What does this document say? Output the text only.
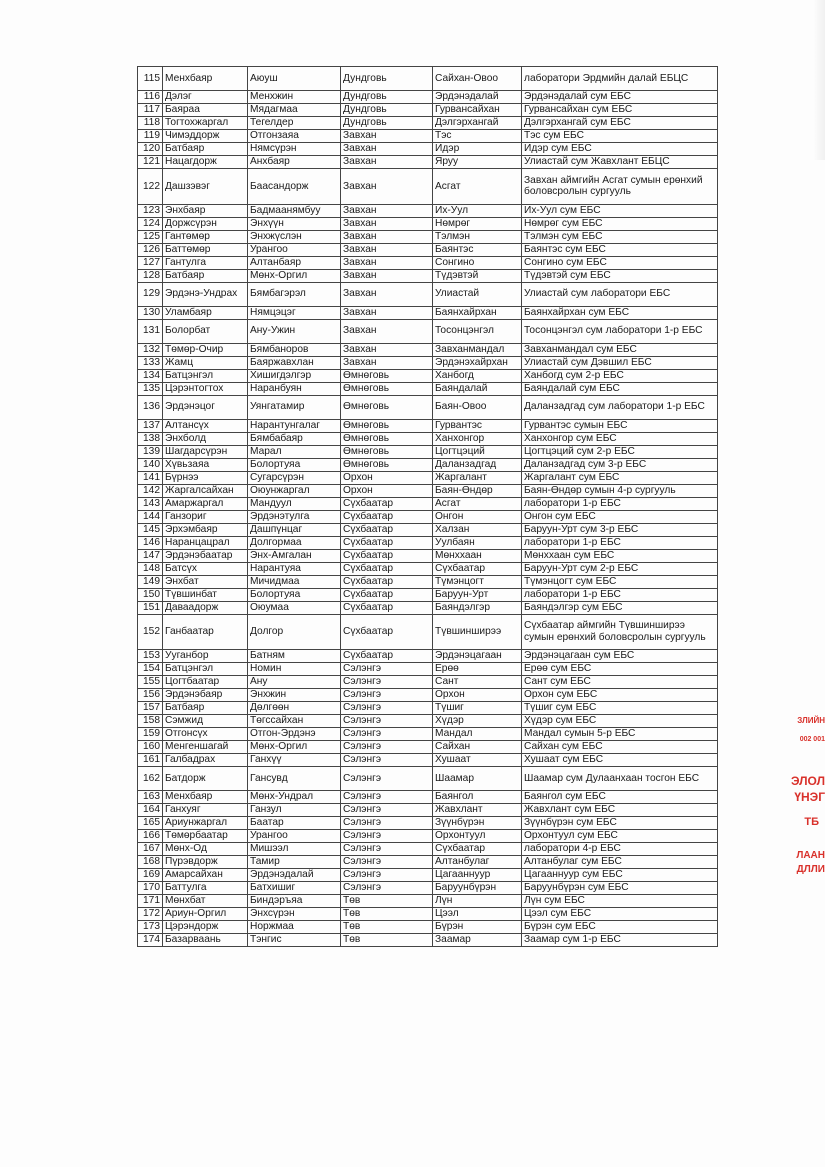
115	Менхбаяр	Аюуш	Дундговь	Сайхан-Овоо	лаборатори Эрдмийн далай ЕБЦС
116	Дэлэг	Менхжин	Дундговь	Эрдэнэдалай	Эрдэнэдалай сум ЕБС
117	Баяраа	Мядагмаа	Дундговь	Гурвансайхан	Гурвансайхан сум ЕБС
118	Тогтохжаргал	Тегелдер	Дундговь	Дэлгэрхангай	Дэлгэрхангай сум ЕБС
119	Чимэддорж	Отгонзаяа	Завхан	Тэс	Тэс сум ЕБС
120	Батбаяр	Нямсүрэн	Завхан	Идэр	Идэр сум ЕБС
121	Нацагдорж	Анхбаяр	Завхан	Яруу	Улиастай сум Жавхлант ЕБЦС
122	Дашзэвэг	Баасандорж	Завхан	Асгат	Завхан аймгийн Асгат сумын ерөнхий боловсролын сургууль
123	Энхбаяр	Бадмаанямбуу	Завхан	Их-Уул	Их-Уул сум ЕБС
124	Доржсүрэн	Энхүүн	Завхан	Нөмрөг	Нөмрөг сум ЕБС
125	Гантөмөр	Энхжүслэн	Завхан	Тэлмэн	Тэлмэн сум ЕБС
126	Баттөмөр	Урангоо	Завхан	Баянтэс	Баянтэс сум ЕБС
127	Гантулга	Алтанбаяр	Завхан	Сонгино	Сонгино сум ЕБС
128	Батбаяр	Мөнх-Оргил	Завхан	Түдэвтэй	Түдэвтэй сум ЕБС
129	Эрдэнэ-Ундрах	Бямбагэрэл	Завхан	Улиастай	Улиастай сум лаборатори ЕБС
130	Уламбаяр	Нямцэцэг	Завхан	Баянхайрхан	Баянхайрхан сум ЕБС
131	Болорбат	Ану-Ужин	Завхан	Тосонцэнгэл	Тосонцэнгэл сум лаборатори 1-р ЕБС
132	Төмөр-Очир	Бямбаноров	Завхан	Завханмандал	Завханмандал сум ЕБС
133	Жамц	Баяржавхлан	Завхан	Эрдэнэхайрхан	Улиастай сум Дэвшил ЕБС
134	Батцэнгэл	Хишигдэлгэр	Өмнөговь	Ханбогд	Ханбогд сум 2-р ЕБС
135	Цэрэнтогтох	Наранбуян	Өмнөговь	Баяндалай	Баяндалай сум ЕБС
136	Эрдэнэцог	Уянгатамир	Өмнөговь	Баян-Овоо	Даланзадгад сум лаборатори 1-р ЕБС
137	Алтансүх	Нарантунгалаг	Өмнөговь	Гурвантэс	Гурвантэс сумын ЕБС
138	Энхболд	Бямбабаяр	Өмнөговь	Ханхонгор	Ханхонгор сум ЕБС
139	Шагдарсүрэн	Марал	Өмнөговь	Цогтцэций	Цогтцэций сум 2-р ЕБС
140	Хүвьзаяа	Болортуяа	Өмнөговь	Даланзадгад	Даланзадгад сум 3-р ЕБС
141	Бүрнээ	Сугарсүрэн	Орхон	Жаргалант	Жаргалант сум ЕБС
142	Жаргалсайхан	Оюунжаргал	Орхон	Баян-Өндөр	Баян-Өндөр сумын 4-р сургууль
143	Амаржаргал	Мандуул	Сүхбаатар	Асгат	лаборатори 1-р ЕБС
144	Ганзориг	Эрдэнэтулга	Сүхбаатар	Онгон	Онгон сум ЕБС
145	Эрхэмбаяр	Дашпүнцаг	Сүхбаатар	Халзан	Баруун-Урт сум 3-р ЕБС
146	Наранцацрал	Долгормаа	Сүхбаатар	Уулбаян	лаборатори 1-р ЕБС
147	Эрдэнэбаатар	Энх-Амгалан	Сүхбаатар	Мөнххаан	Мөнххаан сум ЕБС
148	Батсүх	Нарантуяа	Сүхбаатар	Сүхбаатар	Баруун-Урт сум 2-р ЕБС
149	Энхбат	Мичидмаа	Сүхбаатар	Түмэнцогт	Түмэнцогт сум ЕБС
150	Түвшинбат	Болортуяа	Сүхбаатар	Баруун-Урт	лаборатори 1-р ЕБС
151	Даваадорж	Оюумаа	Сүхбаатар	Баяндэлгэр	Баяндэлгэр сум ЕБС
152	Ганбаатар	Долгор	Сүхбаатар	Түвшинширээ	Сүхбаатар аймгийн Түвшинширээ сумын ерөнхий боловсролын сургууль
153	Ууганбор	Батням	Сүхбаатар	Эрдэнэцагаан	Эрдэнэцагаан сум ЕБС
154	Батцэнгэл	Номин	Сэлэнгэ	Ерөө	Ерөө сум ЕБС
155	Цогтбаатар	Ану	Сэлэнгэ	Сант	Сант сум ЕБС
156	Эрдэнэбаяр	Энхжин	Сэлэнгэ	Орхон	Орхон сум ЕБС
157	Батбаяр	Дөлгөөн	Сэлэнгэ	Түшиг	Түшиг сум ЕБС
158	Сэмжид	Төгссайхан	Сэлэнгэ	Хүдэр	Хүдэр сум ЕБС
159	Отгонсүх	Отгон-Эрдэнэ	Сэлэнгэ	Мандал	Мандал сумын 5-р ЕБС
160	Менгеншагай	Мөнх-Оргил	Сэлэнгэ	Сайхан	Сайхан сум ЕБС
161	Галбадрах	Ганхүү	Сэлэнгэ	Хушаат	Хушаат сум ЕБС
162	Батдорж	Гансувд	Сэлэнгэ	Шаамар	Шаамар сум Дулаанхаан тосгон ЕБС
163	Менхбаяр	Мөнх-Ундрал	Сэлэнгэ	Баянгол	Баянгол сум ЕБС
164	Ганхуяг	Ганзул	Сэлэнгэ	Жавхлант	Жавхлант сум ЕБС
165	Ариунжаргал	Баатар	Сэлэнгэ	Зүүнбүрэн	Зүүнбүрэн сум ЕБС
166	Төмөрбаатар	Урангоо	Сэлэнгэ	Орхонтуул	Орхонтуул сум ЕБС
167	Мөнх-Од	Мишээл	Сэлэнгэ	Сүхбаатар	лаборатори 4-р ЕБС
168	Пүрэвдорж	Тамир	Сэлэнгэ	Алтанбулаг	Алтанбулаг сум ЕБС
169	Амарсайхан	Эрдэнэдалай	Сэлэнгэ	Цагааннуур	Цагааннуур сум ЕБС
170	Баттулга	Батхишиг	Сэлэнгэ	Баруунбүрэн	Баруунбүрэн сум ЕБС
171	Мөнхбат	Биндэръяа	Төв	Лүн	Лүн сум ЕБС
172	Ариун-Оргил	Энхсүрэн	Төв	Цээл	Цээл сум ЕБС
173	Цэрэндорж	Норжмаа	Төв	Бүрэн	Бүрэн сум ЕБС
174	Базарваань	Тэнгис	Төв	Заамар	Заамар сум 1-р ЕБС
ЗЛИЙН
002 001
ЭЛОЛ
ҮНЭГ
ТБ
ЛААН
ДЛЛИ
